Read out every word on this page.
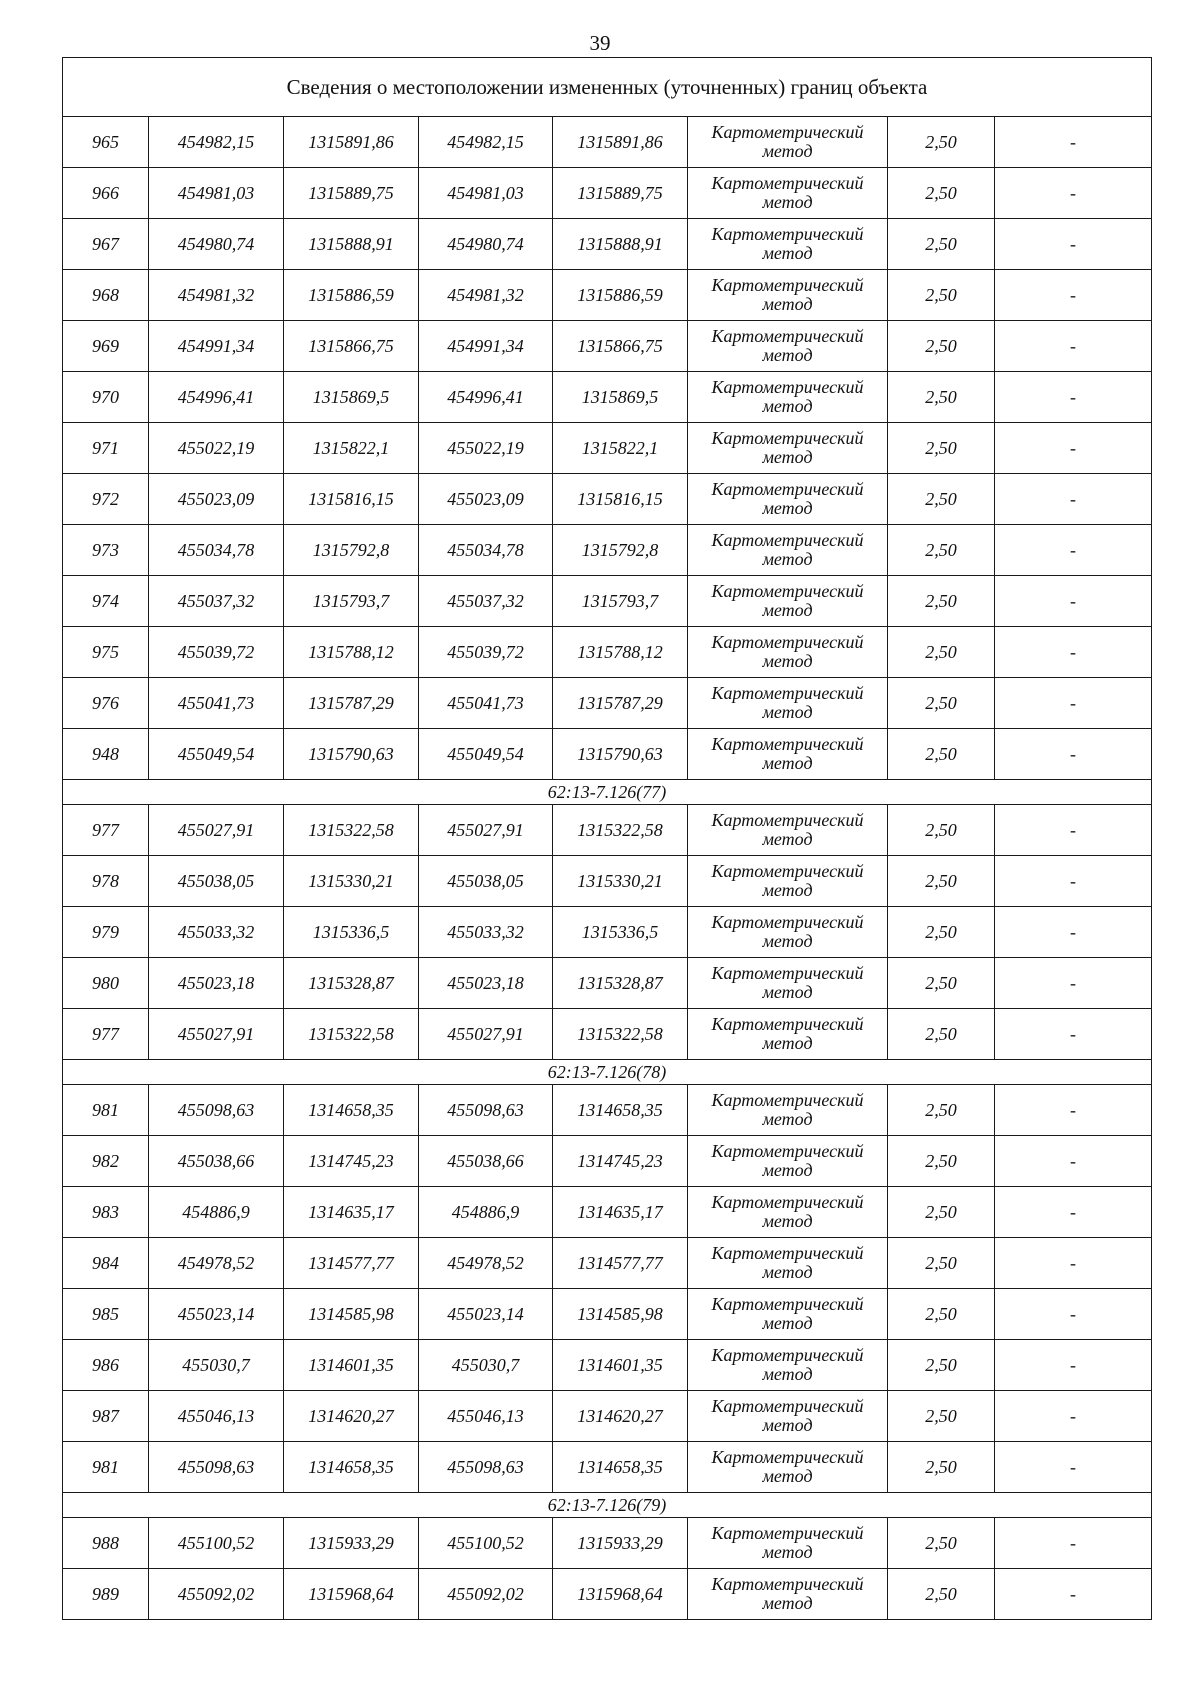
39
Сведения о местоположении измененных (уточненных) границ объекта							
965	454982,15	1315891,86	454982,15	1315891,86	Картометрический метод	2,50	-
966	454981,03	1315889,75	454981,03	1315889,75	Картометрический метод	2,50	-
967	454980,74	1315888,91	454980,74	1315888,91	Картометрический метод	2,50	-
968	454981,32	1315886,59	454981,32	1315886,59	Картометрический метод	2,50	-
969	454991,34	1315866,75	454991,34	1315866,75	Картометрический метод	2,50	-
970	454996,41	1315869,5	454996,41	1315869,5	Картометрический метод	2,50	-
971	455022,19	1315822,1	455022,19	1315822,1	Картометрический метод	2,50	-
972	455023,09	1315816,15	455023,09	1315816,15	Картометрический метод	2,50	-
973	455034,78	1315792,8	455034,78	1315792,8	Картометрический метод	2,50	-
974	455037,32	1315793,7	455037,32	1315793,7	Картометрический метод	2,50	-
975	455039,72	1315788,12	455039,72	1315788,12	Картометрический метод	2,50	-
976	455041,73	1315787,29	455041,73	1315787,29	Картометрический метод	2,50	-
948	455049,54	1315790,63	455049,54	1315790,63	Картометрический метод	2,50	-
62:13-7.126(77)							
977	455027,91	1315322,58	455027,91	1315322,58	Картометрический метод	2,50	-
978	455038,05	1315330,21	455038,05	1315330,21	Картометрический метод	2,50	-
979	455033,32	1315336,5	455033,32	1315336,5	Картометрический метод	2,50	-
980	455023,18	1315328,87	455023,18	1315328,87	Картометрический метод	2,50	-
977	455027,91	1315322,58	455027,91	1315322,58	Картометрический метод	2,50	-
62:13-7.126(78)							
981	455098,63	1314658,35	455098,63	1314658,35	Картометрический метод	2,50	-
982	455038,66	1314745,23	455038,66	1314745,23	Картометрический метод	2,50	-
983	454886,9	1314635,17	454886,9	1314635,17	Картометрический метод	2,50	-
984	454978,52	1314577,77	454978,52	1314577,77	Картометрический метод	2,50	-
985	455023,14	1314585,98	455023,14	1314585,98	Картометрический метод	2,50	-
986	455030,7	1314601,35	455030,7	1314601,35	Картометрический метод	2,50	-
987	455046,13	1314620,27	455046,13	1314620,27	Картометрический метод	2,50	-
981	455098,63	1314658,35	455098,63	1314658,35	Картометрический метод	2,50	-
62:13-7.126(79)							
988	455100,52	1315933,29	455100,52	1315933,29	Картометрический метод	2,50	-
989	455092,02	1315968,64	455092,02	1315968,64	Картометрический метод	2,50	-
